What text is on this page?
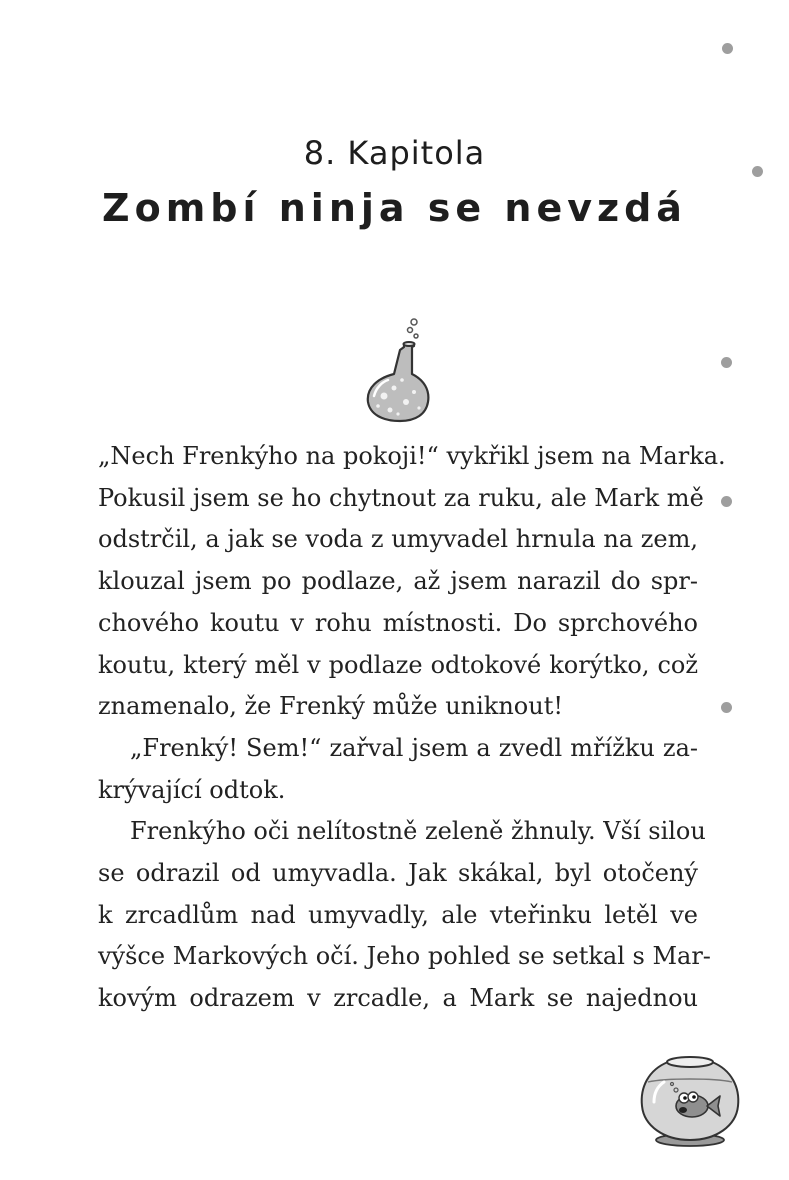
8. Kapitola
Zombí ninja se nevzdá

„Nech Frenkýho na pokoji!“ vykřikl jsem na Marka.

Pokusil jsem se ho chytnout za ruku, ale Mark mě

odstrčil, a jak se voda z umyvadel hrnula na zem,

klouzal jsem po podlaze, až jsem narazil do spr-

chového koutu v rohu místnosti. Do sprchového

koutu, který měl v podlaze odtokové korýtko, což

znamenalo, že Frenký může uniknout!

„Frenký! Sem!“ zařval jsem a zvedl mřížku za-

krývající odtok.

Frenkýho oči nelítostně zeleně žhnuly. Vší silou

se odrazil od umyvadla. Jak skákal, byl otočený

k zrcadlům nad umyvadly, ale vteřinku letěl ve

výšce Markových očí. Jeho pohled se setkal s Mar-

kovým odrazem v zrcadle, a Mark se najednou
